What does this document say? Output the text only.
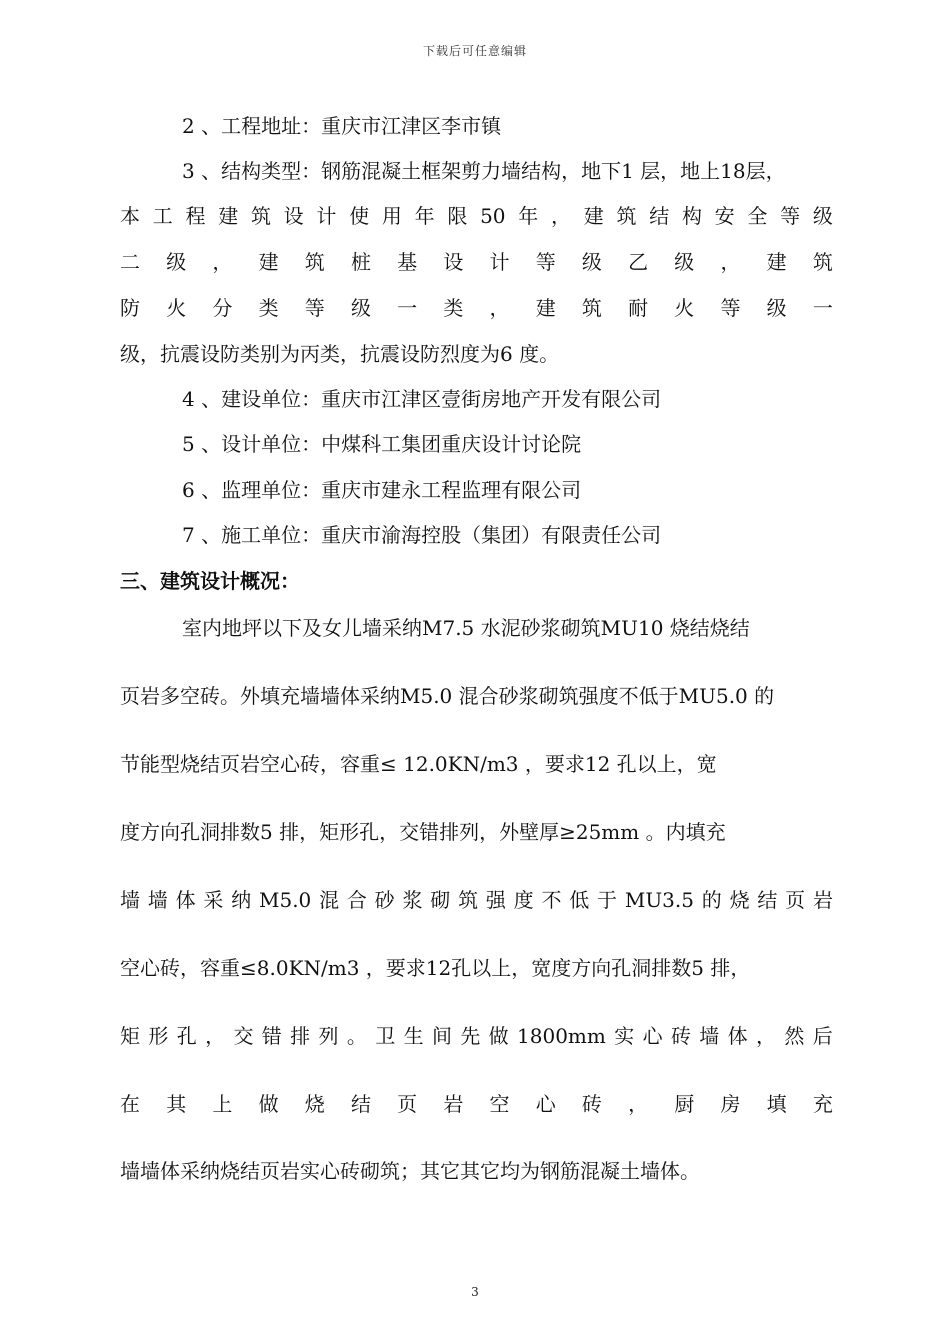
下载后可任意编辑
2 、工程地址：重庆市江津区李市镇
3 、结构类型：钢筋混凝土框架剪力墙结构，地下1 层，地上18层，
本 工 程 建 筑 设 计 使 用 年 限 50 年 ， 建 筑 结 构 安 全 等 级
二 级 ， 建 筑 桩 基 设 计 等 级 乙 级 ， 建 筑
防 火 分 类 等 级 一 类 ， 建 筑 耐 火 等 级 一
级，抗震设防类别为丙类，抗震设防烈度为6 度。
4 、建设单位：重庆市江津区壹街房地产开发有限公司
5 、设计单位：中煤科工集团重庆设计讨论院
6 、监理单位：重庆市建永工程监理有限公司
7 、施工单位：重庆市渝海控股（集团）有限责任公司
三、建筑设计概况：
室内地坪以下及女儿墙采纳M7.5 水泥砂浆砌筑MU10 烧结烧结
页岩多空砖。外填充墙墙体采纳M5.0 混合砂浆砌筑强度不低于MU5.0 的
节能型烧结页岩空心砖，容重≤ 12.0KN/m3 ，要求12 孔以上，宽
度方向孔洞排数5 排，矩形孔，交错排列，外壁厚≥25mm 。内填充
墙 墙 体 采 纳 M5.0 混 合 砂 浆 砌 筑 强 度 不 低 于 MU3.5 的 烧 结 页 岩
空心砖，容重≤8.0KN/m3 ，要求12孔以上，宽度方向孔洞排数5 排，
矩 形 孔 ， 交 错 排 列 。 卫 生 间 先 做 1800mm 实 心 砖 墙 体 ， 然 后
在 其 上 做 烧 结 页 岩 空 心 砖 ， 厨 房 填 充
墙墙体采纳烧结页岩实心砖砌筑；其它其它均为钢筋混凝土墙体。
3
